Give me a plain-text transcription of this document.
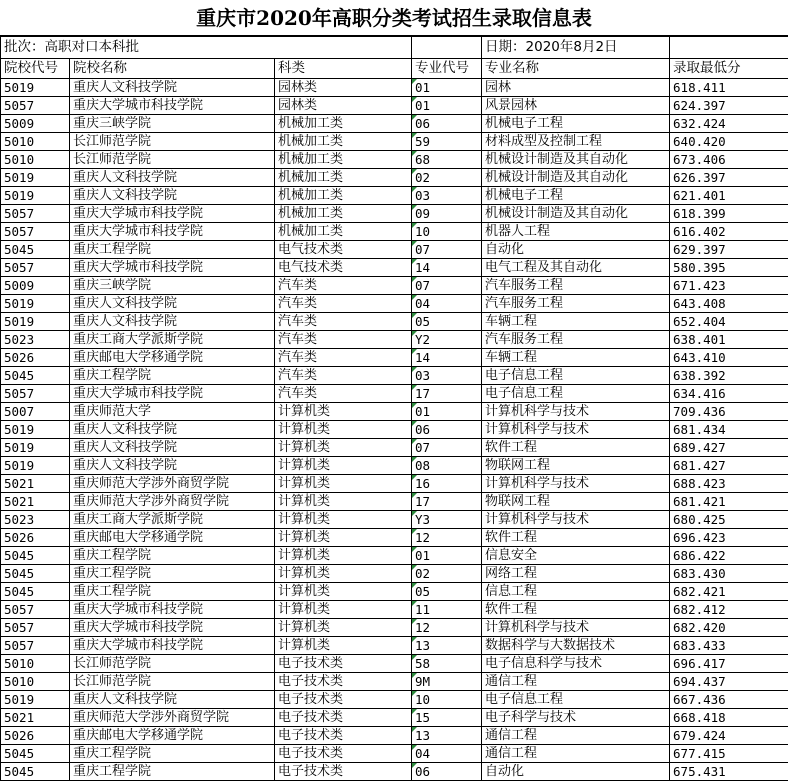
重庆市2020年高职分类考试招生录取信息表
批次：高职对口本科批				日期：2020年8月2日	
院校代号	院校名称	科类	专业代号	专业名称	录取最低分
5019	重庆人文科技学院	园林类	01	园林	618.411
5057	重庆大学城市科技学院	园林类	01	风景园林	624.397
5009	重庆三峡学院	机械加工类	06	机械电子工程	632.424
5010	长江师范学院	机械加工类	59	材料成型及控制工程	640.420
5010	长江师范学院	机械加工类	68	机械设计制造及其自动化	673.406
5019	重庆人文科技学院	机械加工类	02	机械设计制造及其自动化	626.397
5019	重庆人文科技学院	机械加工类	03	机械电子工程	621.401
5057	重庆大学城市科技学院	机械加工类	09	机械设计制造及其自动化	618.399
5057	重庆大学城市科技学院	机械加工类	10	机器人工程	616.402
5045	重庆工程学院	电气技术类	07	自动化	629.397
5057	重庆大学城市科技学院	电气技术类	14	电气工程及其自动化	580.395
5009	重庆三峡学院	汽车类	07	汽车服务工程	671.423
5019	重庆人文科技学院	汽车类	04	汽车服务工程	643.408
5019	重庆人文科技学院	汽车类	05	车辆工程	652.404
5023	重庆工商大学派斯学院	汽车类	Y2	汽车服务工程	638.401
5026	重庆邮电大学移通学院	汽车类	14	车辆工程	643.410
5045	重庆工程学院	汽车类	03	电子信息工程	638.392
5057	重庆大学城市科技学院	汽车类	17	电子信息工程	634.416
5007	重庆师范大学	计算机类	01	计算机科学与技术	709.436
5019	重庆人文科技学院	计算机类	06	计算机科学与技术	681.434
5019	重庆人文科技学院	计算机类	07	软件工程	689.427
5019	重庆人文科技学院	计算机类	08	物联网工程	681.427
5021	重庆师范大学涉外商贸学院	计算机类	16	计算机科学与技术	688.423
5021	重庆师范大学涉外商贸学院	计算机类	17	物联网工程	681.421
5023	重庆工商大学派斯学院	计算机类	Y3	计算机科学与技术	680.425
5026	重庆邮电大学移通学院	计算机类	12	软件工程	696.423
5045	重庆工程学院	计算机类	01	信息安全	686.422
5045	重庆工程学院	计算机类	02	网络工程	683.430
5045	重庆工程学院	计算机类	05	信息工程	682.421
5057	重庆大学城市科技学院	计算机类	11	软件工程	682.412
5057	重庆大学城市科技学院	计算机类	12	计算机科学与技术	682.420
5057	重庆大学城市科技学院	计算机类	13	数据科学与大数据技术	683.433
5010	长江师范学院	电子技术类	58	电子信息科学与技术	696.417
5010	长江师范学院	电子技术类	9M	通信工程	694.437
5019	重庆人文科技学院	电子技术类	10	电子信息工程	667.436
5021	重庆师范大学涉外商贸学院	电子技术类	15	电子科学与技术	668.418
5026	重庆邮电大学移通学院	电子技术类	13	通信工程	679.424
5045	重庆工程学院	电子技术类	04	通信工程	677.415
5045	重庆工程学院	电子技术类	06	自动化	675.431
